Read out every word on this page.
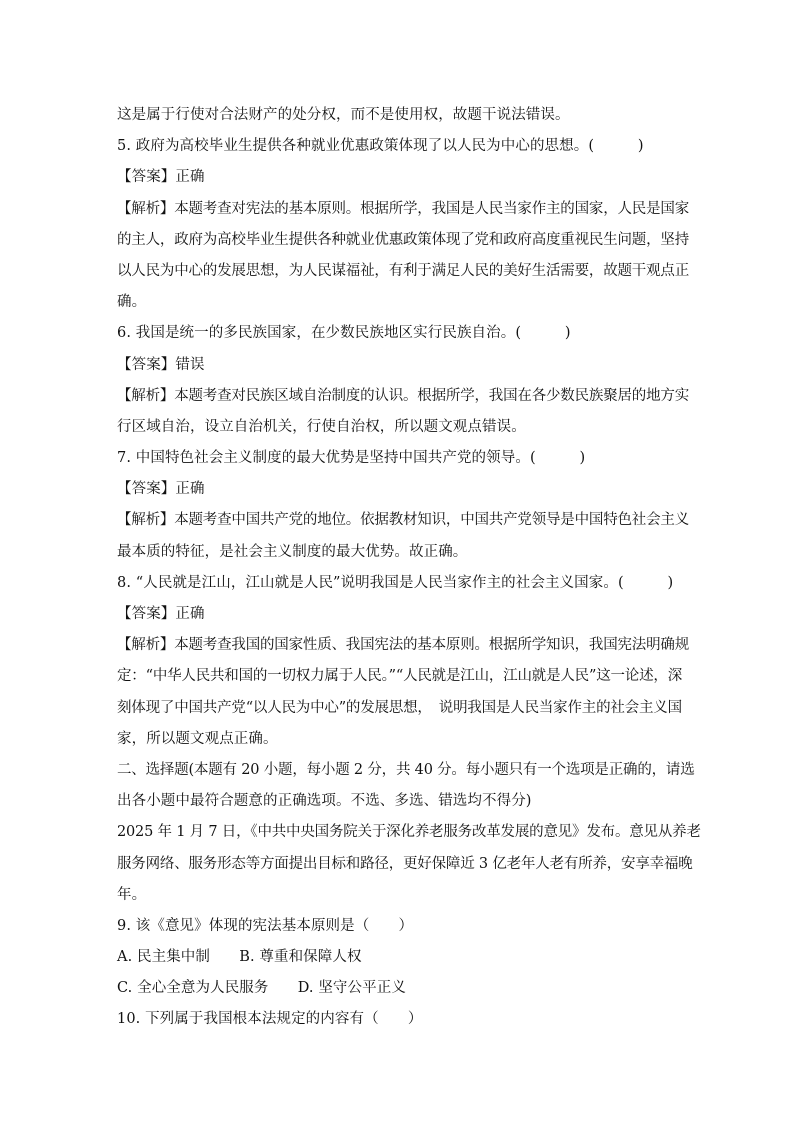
这是属于行使对合法财产的处分权，而不是使用权，故题干说法错误。
5. 政府为高校毕业生提供各种就业优惠政策体现了以人民为中心的思想。(　　　)
【答案】正确
【解析】本题考查对宪法的基本原则。根据所学，我国是人民当家作主的国家，人民是国家
的主人，政府为高校毕业生提供各种就业优惠政策体现了党和政府高度重视民生问题，坚持
以人民为中心的发展思想，为人民谋福祉，有利于满足人民的美好生活需要，故题干观点正
确。
6. 我国是统一的多民族国家，在少数民族地区实行民族自治。(　　　)
【答案】错误
【解析】本题考查对民族区域自治制度的认识。根据所学，我国在各少数民族聚居的地方实
行区域自治，设立自治机关，行使自治权，所以题文观点错误。
7. 中国特色社会主义制度的最大优势是坚持中国共产党的领导。(　　　)
【答案】正确
【解析】本题考查中国共产党的地位。依据教材知识，中国共产党领导是中国特色社会主义
最本质的特征，是社会主义制度的最大优势。故正确。
8. “人民就是江山，江山就是人民”说明我国是人民当家作主的社会主义国家。(　　　)
【答案】正确
【解析】本题考查我国的国家性质、我国宪法的基本原则。根据所学知识，我国宪法明确规
定：“中华人民共和国的一切权力属于人民。”“人民就是江山，江山就是人民”这一论述，深
刻体现了中国共产党“以人民为中心”的发展思想，　说明我国是人民当家作主的社会主义国
家，所以题文观点正确。
二、选择题(本题有 20 小题，每小题 2 分，共 40 分。每小题只有一个选项是正确的，请选
出各小题中最符合题意的正确选项。不选、多选、错选均不得分)
2025 年 1 月 7 日，《中共中央国务院关于深化养老服务改革发展的意见》发布。意见从养老
服务网络、服务形态等方面提出目标和路径，更好保障近 3 亿老年人老有所养，安享幸福晚
年。
9. 该《意见》体现的宪法基本原则是（　　）
A. 民主集中制　　B. 尊重和保障人权
C. 全心全意为人民服务　　D. 坚守公平正义
10. 下列属于我国根本法规定的内容有（　　）
